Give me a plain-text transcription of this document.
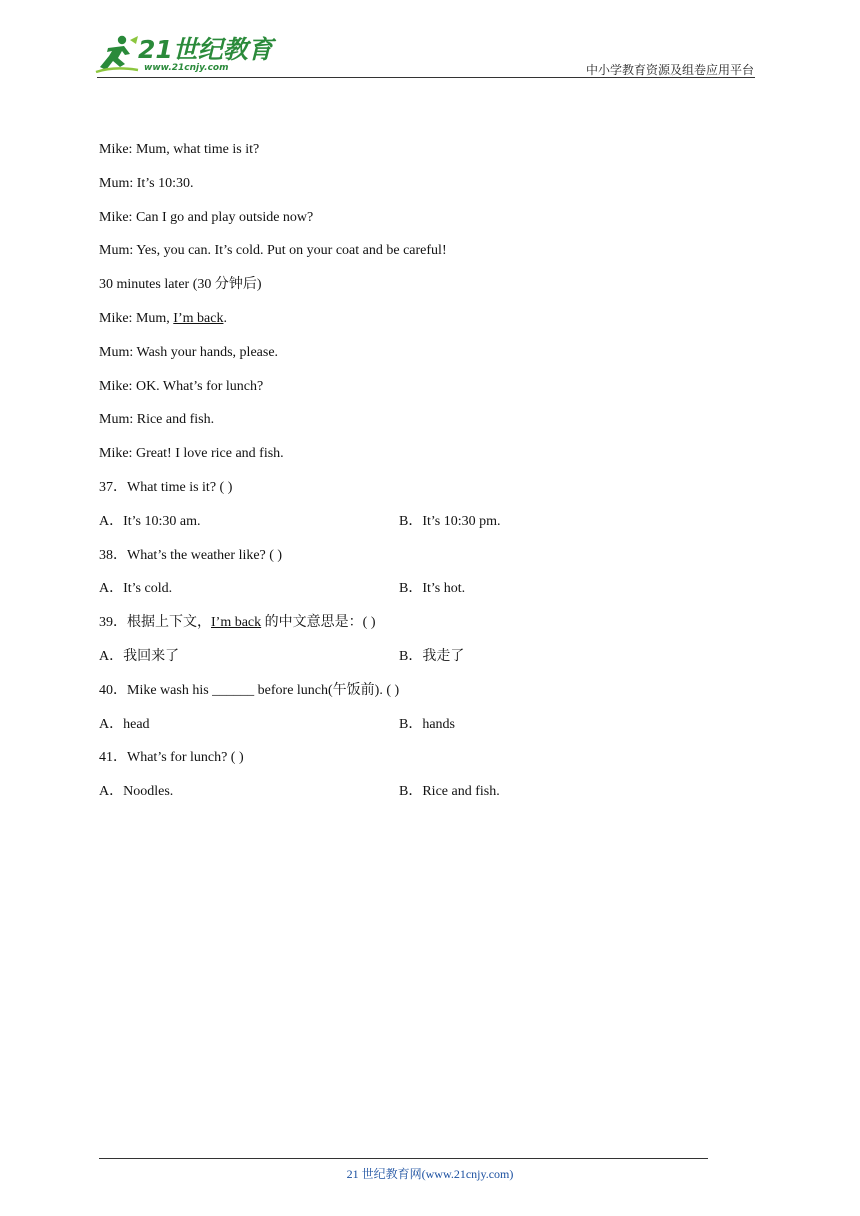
21世纪教育
www.21cnjy.com	中小学教育资源及组卷应用平台
Mike: Mum, what time is it?
Mum: It’s 10:30.
Mike: Can I go and play outside now?
Mum: Yes, you can. It’s cold. Put on your coat and be careful!
30 minutes later (30 分钟后)
Mike: Mum, I’m back.
Mum: Wash your hands, please.
Mike: OK. What’s for lunch?
Mum: Rice and fish.
Mike: Great! I love rice and fish.
37．What time is it? ( )
A．It’s 10:30 am.	B．It’s 10:30 pm.
38．What’s the weather like? ( )
A．It’s cold.	B．It’s hot.
39．根据上下文，I’m back 的中文意思是：( )
A．我回来了	B．我走了
40．Mike wash his ______ before lunch(午饭前). ( )
A．head	B．hands
41．What’s for lunch? ( )
A．Noodles.	B．Rice and fish.
21 世纪教育网(www.21cnjy.com)
